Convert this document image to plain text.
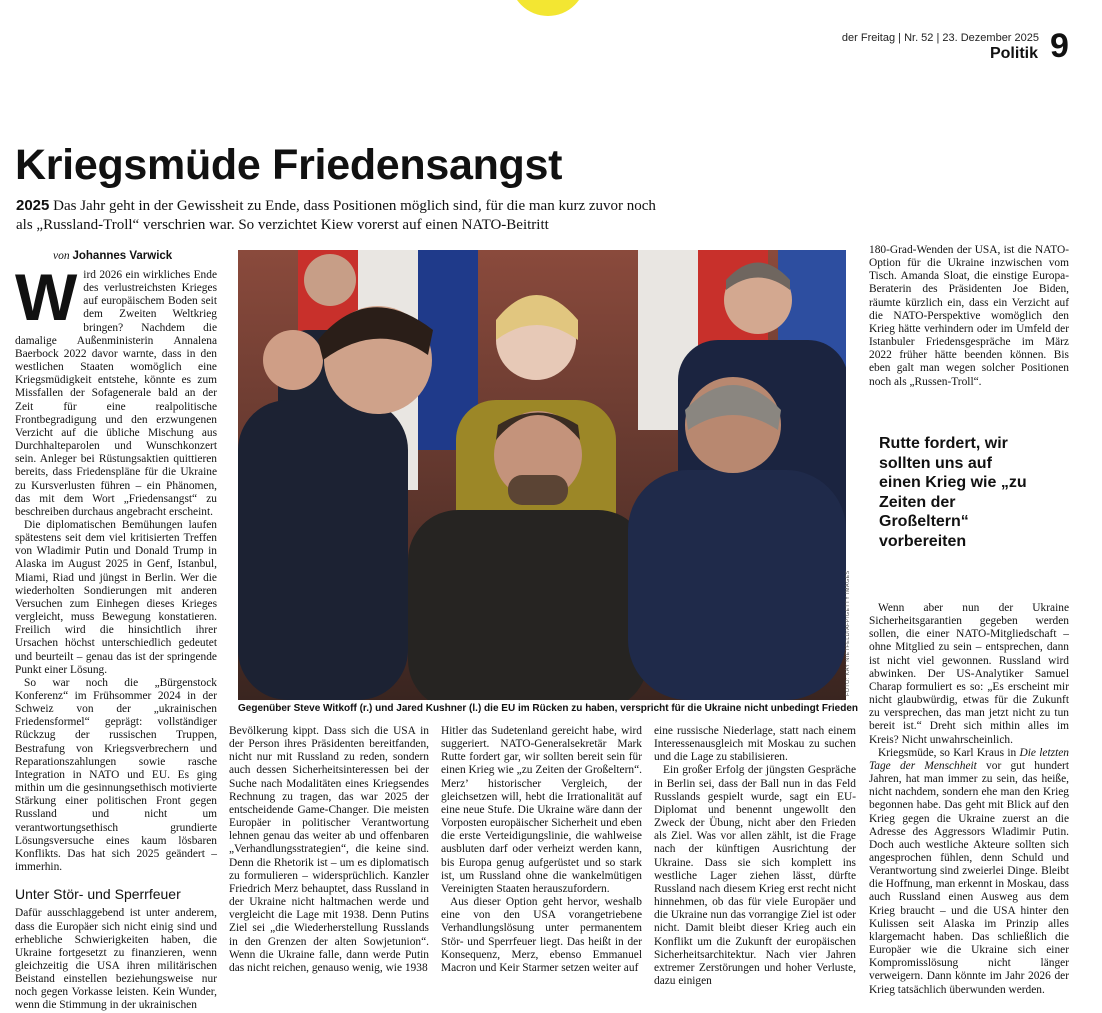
der Freitag | Nr. 52 | 23. Dezember 2025
Politik 9
Kriegsmüde Friedensangst
2025 Das Jahr geht in der Gewissheit zu Ende, dass Positionen möglich sind, für die man kurz zuvor noch
als „Russland-Troll“ verschrien war. So verzichtet Kiew vorerst auf einen NATO-Beitritt
von Johannes Varwick

Wird 2026 ein wirkliches Ende des verlustreichsten Krieges auf europäischem Boden seit dem Zweiten Weltkrieg bringen? Nachdem die damalige Außenministerin Annalena Baerbock 2022 davor warnte, dass in den westlichen Staaten womöglich eine Kriegsmüdigkeit entstehe, könnte es zum Missfallen der Sofagenerale bald an der Zeit für eine realpolitische Frontbegradigung und den erzwungenen Verzicht auf die übliche Mischung aus Durchhalteparolen und Wunschkonzert sein. Anleger bei Rüstungsaktien quittieren bereits, dass Friedenspläne für die Ukraine zu Kursverlusten führen – ein Phänomen, das mit dem Wort „Friedensangst“ zu beschreiben durchaus angebracht erscheint.

Die diplomatischen Bemühungen laufen spätestens seit dem viel kritisierten Treffen von Wladimir Putin und Donald Trump in Alaska im August 2025 in Genf, Istanbul, Miami, Riad und jüngst in Berlin. Wer die wiederholten Sondierungen mit anderen Versuchen zum Einhegen dieses Krieges vergleicht, muss Bewegung konstatieren. Freilich wird die hinsichtlich ihrer Ursachen höchst unterschiedlich gedeutet und beurteilt – genau das ist der springende Punkt einer Lösung.

So war noch die „Bürgenstock Konferenz“ im Frühsommer 2024 in der Schweiz von der „ukrainischen Friedensformel“ geprägt: vollständiger Rückzug der russischen Truppen, Bestrafung von Kriegsverbrechern und Reparationszahlungen sowie rasche Integration in NATO und EU. Es ging mithin um die gesinnungsethisch motivierte Stärkung einer politischen Front gegen Russland und nicht um verantwortungsethisch grundierte Lösungsversuche eines kaum lösbaren Konflikts. Das hat sich 2025 geändert – immerhin.

Unter Stör- und Sperrfeuer

Dafür ausschlaggebend ist unter anderem, dass die Europäer sich nicht einig sind und erhebliche Schwierigkeiten haben, die Ukraine fortgesetzt zu finanzieren, wenn gleichzeitig die USA ihren militärischen Beistand einstellen beziehungsweise nur noch gegen Vorkasse leisten. Kein Wunder, wenn die Stimmung in der ukrainischen

FOTO: KAY NIETFELD/AFP/GETTY IMAGES
Gegenüber Steve Witkoff (r.) und Jared Kushner (l.) die EU im Rücken zu haben, verspricht für die Ukraine nicht unbedingt Frieden

Bevölkerung kippt. Dass sich die USA in der Person ihres Präsidenten bereitfanden, nicht nur mit Russland zu reden, sondern auch dessen Sicherheitsinteressen bei der Suche nach Modalitäten eines Kriegsendes Rechnung zu tragen, das war 2025 der entscheidende Game-Changer. Die meisten Europäer in politischer Verantwortung lehnen genau das weiter ab und offenbaren „Verhandlungsstrategien“, die keine sind. Denn die Rhetorik ist – um es diplomatisch zu formulieren – widersprüchlich. Kanzler Friedrich Merz behauptet, dass Russland in der Ukraine nicht haltmachen werde und vergleicht die Lage mit 1938. Denn Putins Ziel sei „die Wiederherstellung Russlands in den Grenzen der alten Sowjetunion“. Wenn die Ukraine falle, dann werde Putin das nicht reichen, genauso wenig, wie 1938

Hitler das Sudetenland gereicht habe, wird suggeriert. NATO-Generalsekretär Mark Rutte fordert gar, wir sollten bereit sein für einen Krieg wie „zu Zeiten der Großeltern“. Merz’ historischer Vergleich, der gleichsetzen will, hebt die Irrationalität auf eine neue Stufe. Die Ukraine wäre dann der Vorposten europäischer Sicherheit und eben die erste Verteidigungslinie, die wahlweise ausbluten darf oder verheizt werden kann, bis Europa genug aufgerüstet und so stark ist, um Russland ohne die wankelmütigen Vereinigten Staaten herauszufordern.

Aus dieser Option geht hervor, weshalb eine von den USA vorangetriebene Verhandlungslösung unter permanentem Stör- und Sperrfeuer liegt. Das heißt in der Konsequenz, Merz, ebenso Emmanuel Macron und Keir Starmer setzen weiter auf

eine russische Niederlage, statt nach einem Interessenausgleich mit Moskau zu suchen und die Lage zu stabilisieren.

Ein großer Erfolg der jüngsten Gespräche in Berlin sei, dass der Ball nun in das Feld Russlands gespielt wurde, sagt ein EU-Diplomat und benennt ungewollt den Zweck der Übung, nicht aber den Frieden als Ziel. Was vor allen zählt, ist die Frage nach der künftigen Ausrichtung der Ukraine. Dass sie sich komplett ins westliche Lager ziehen lässt, dürfte Russland nach diesem Krieg erst recht nicht hinnehmen, ob das für viele Europäer und die Ukraine nun das vorrangige Ziel ist oder nicht. Damit bleibt dieser Krieg auch ein Konflikt um die Zukunft der europäischen Sicherheitsarchitektur. Nach vier Jahren extremer Zerstörungen und hoher Verluste, dazu einigen

180-Grad-Wenden der USA, ist die NATO-Option für die Ukraine inzwischen vom Tisch. Amanda Sloat, die einstige Europa-Beraterin des Präsidenten Joe Biden, räumte kürzlich ein, dass ein Verzicht auf die NATO-Perspektive womöglich den Krieg hätte verhindern oder im Umfeld der Istanbuler Friedensgespräche im März 2022 früher hätte beenden können. Bis eben galt man wegen solcher Positionen noch als „Russen-Troll“.

Rutte fordert, wir sollten uns auf einen Krieg wie „zu Zeiten der Großeltern“ vorbereiten

Wenn aber nun der Ukraine Sicherheitsgarantien gegeben werden sollen, die einer NATO-Mitgliedschaft – ohne Mitglied zu sein – entsprechen, dann ist nicht viel gewonnen. Russland wird abwinken. Der US-Analytiker Samuel Charap formuliert es so: „Es erscheint mir nicht glaubwürdig, etwas für die Zukunft zu versprechen, das man jetzt nicht zu tun bereit ist.“ Dreht sich mithin alles im Kreis? Nicht unwahrscheinlich.

Kriegsmüde, so Karl Kraus in Die letzten Tage der Menschheit vor gut hundert Jahren, hat man immer zu sein, das heiße, nicht nachdem, sondern ehe man den Krieg begonnen habe. Das geht mit Blick auf den Krieg gegen die Ukraine zuerst an die Adresse des Aggressors Wladimir Putin. Doch auch westliche Akteure sollten sich angesprochen fühlen, denn Schuld und Verantwortung sind zweierlei Dinge. Bleibt die Hoffnung, man erkennt in Moskau, dass auch Russland einen Ausweg aus dem Krieg braucht – und die USA hinter den Kulissen seit Alaska im Prinzip alles klargemacht haben. Das schließlich die Europäer wie die Ukraine sich einer Kompromisslösung nicht länger verweigern. Dann könnte im Jahr 2026 der Krieg tatsächlich überwunden werden.
